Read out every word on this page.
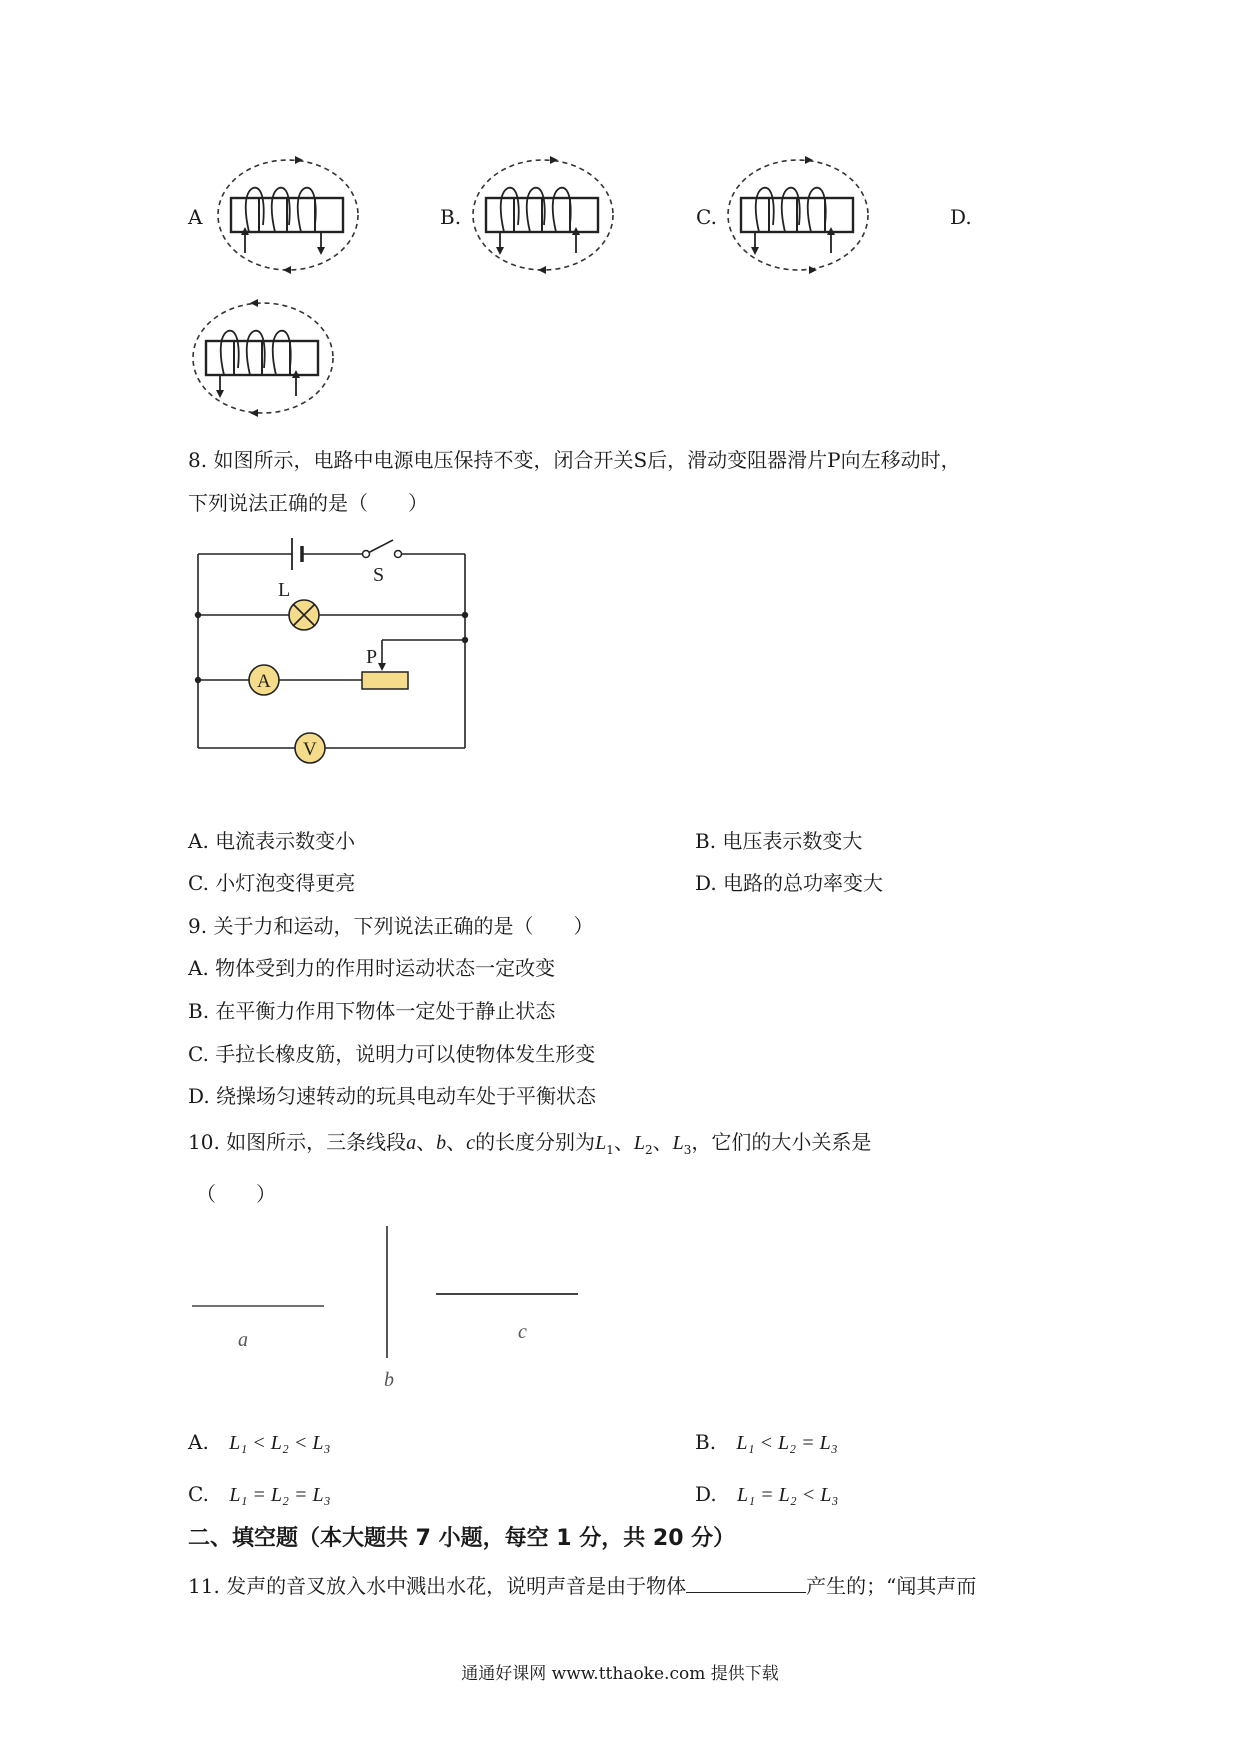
A	B.	C.	D.
8. 如图所示，电路中电源电压保持不变，闭合开关S后，滑动变阻器滑片P向左移动时，
下列说法正确的是（　　）
S
L
A
V
P
A. 电流表示数变小	B. 电压表示数变大
C. 小灯泡变得更亮	D. 电路的总功率变大
9. 关于力和运动，下列说法正确的是（　　）
A. 物体受到力的作用时运动状态一定改变
B. 在平衡力作用下物体一定处于静止状态
C. 手拉长橡皮筋，说明力可以使物体发生形变
D. 绕操场匀速转动的玩具电动车处于平衡状态
10. 如图所示，三条线段a、b、c的长度分别为$L_1$、$L_2$、$L_3$，它们的大小关系是
（　　）
a
b
c
A. L₁ < L₂ < L₃	B. L₁ < L₂ = L₃
C. L₁ = L₂ = L₃	D. L₁ = L₂ < L₃
二、填空题（本大题共 7 小题，每空 1 分，共 20 分）
11. 发声的音叉放入水中溅出水花，说明声音是由于物体	产生的；“闻其声而
通通好课网 www.tthaoke.com 提供下载
